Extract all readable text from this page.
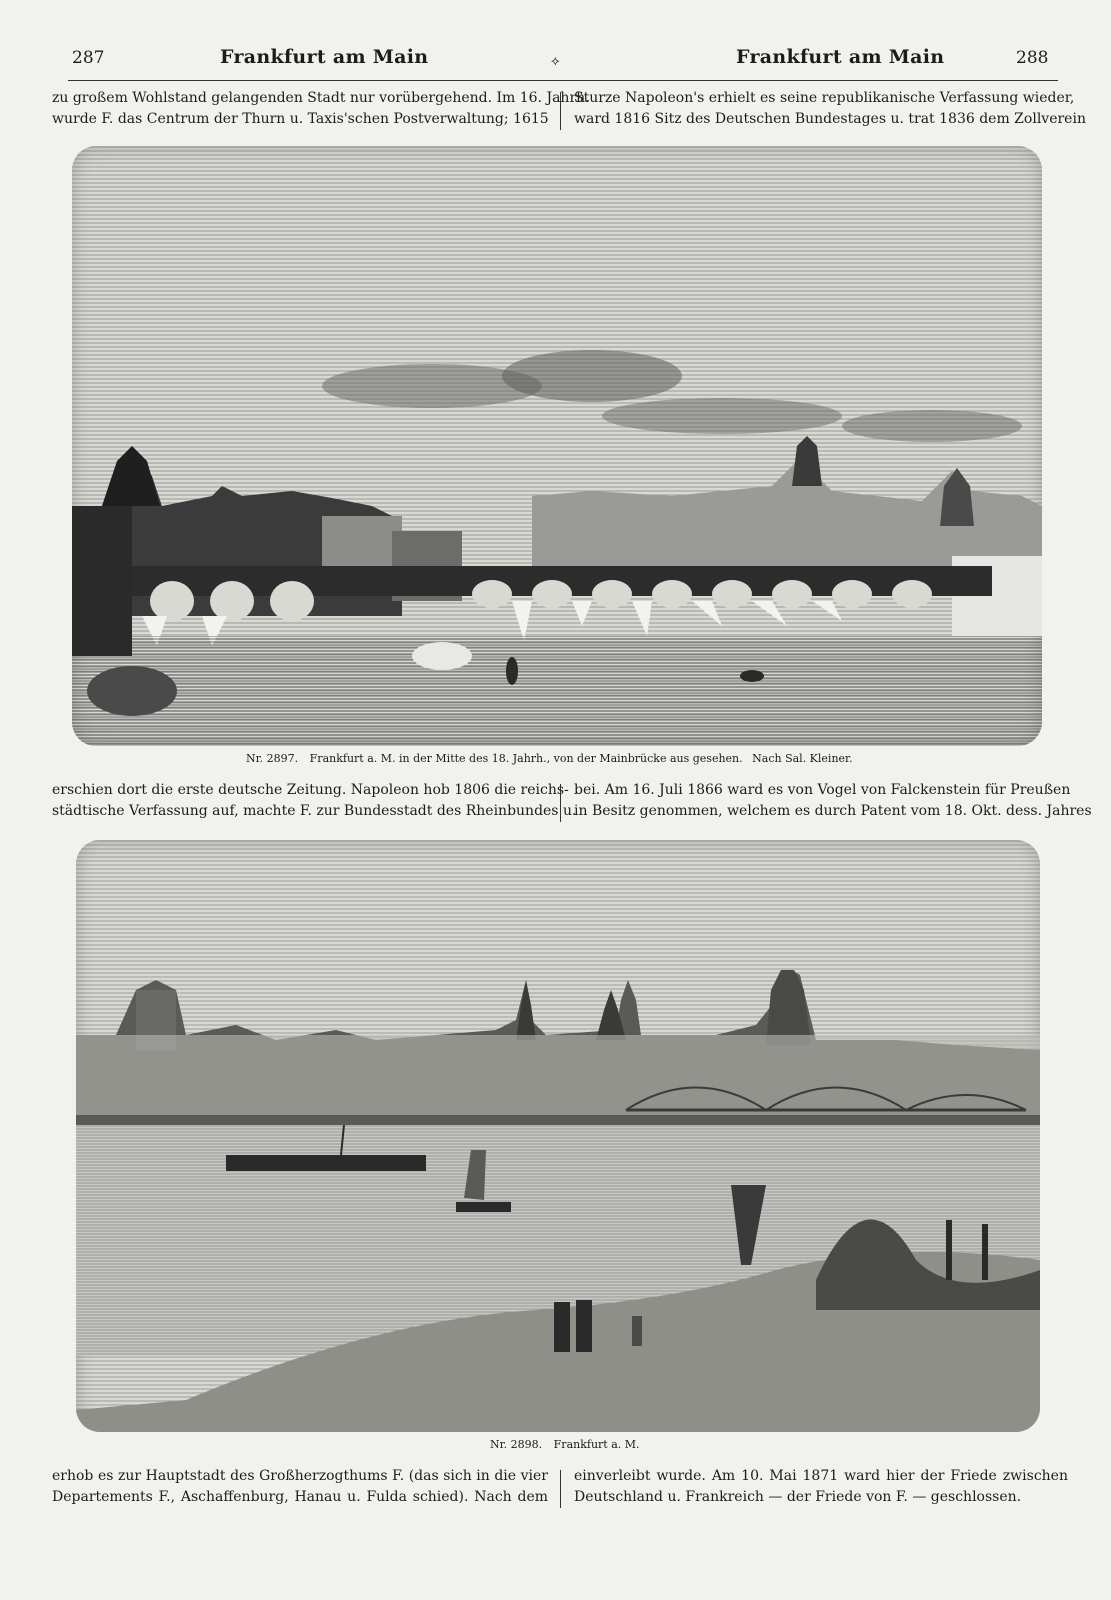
287	Frankfurt am Main	⟡	Frankfurt am Main	288
zu großem Wohlstand gelangenden Stadt nur vorübergehend. Im 16. Jahrh.
wurde F. das Centrum der Thurn u. Taxis'schen Postverwaltung; 1615
Sturze Napoleon's erhielt es seine republikanische Verfassung wieder,
ward 1816 Sitz des Deutschen Bundestages u. trat 1836 dem Zollverein
Nr. 2897. Frankfurt a. M. in der Mitte des 18. Jahrh., von der Mainbrücke aus gesehen. Nach Sal. Kleiner.
erschien dort die erste deutsche Zeitung. Napoleon hob 1806 die reichs-
städtische Verfassung auf, machte F. zur Bundesstadt des Rheinbundes u.
bei. Am 16. Juli 1866 ward es von Vogel von Falckenstein für Preußen
in Besitz genommen, welchem es durch Patent vom 18. Okt. dess. Jahres
Nr. 2898. Frankfurt a. M.
erhob es zur Hauptstadt des Großherzogthums F. (das sich in die vier
Departements F., Aschaffenburg, Hanau u. Fulda schied). Nach dem
einverleibt wurde. Am 10. Mai 1871 ward hier der Friede zwischen
Deutschland u. Frankreich — der Friede von F. — geschlossen.
